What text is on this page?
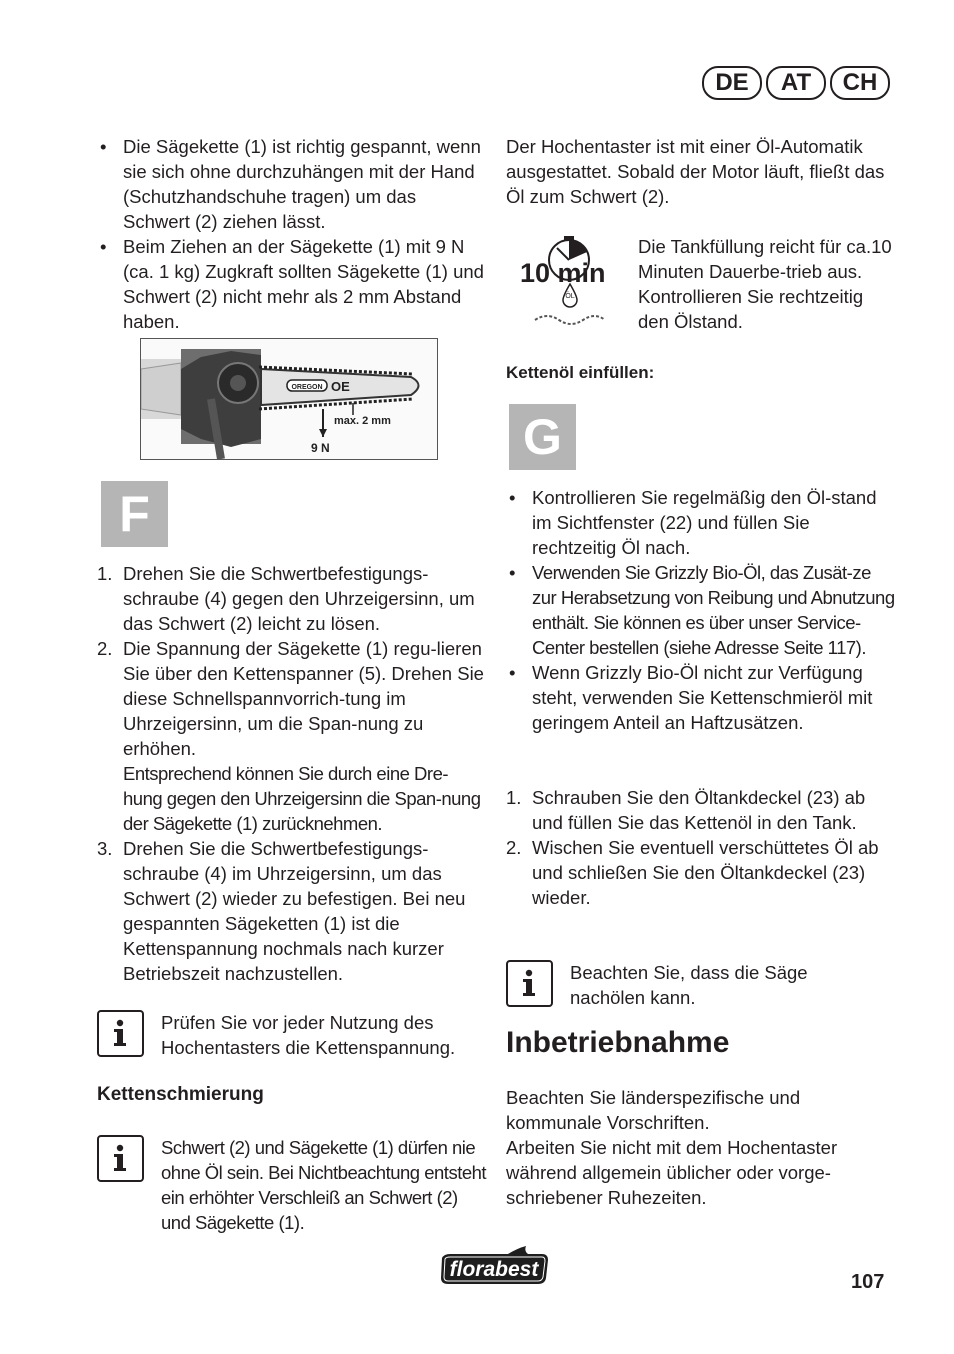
DE	AT	CH
• Die Sägekette (1) ist richtig gespannt, wenn sie sich ohne durchzuhängen mit der Hand (Schutzhandschuhe tragen) um das Schwert (2) ziehen lässt.
• Beim Ziehen an der Sägekette (1) mit 9 N (ca. 1 kg) Zugkraft sollten Sägekette (1) und Schwert (2) nicht mehr als 2 mm Abstand haben.
OREGON OE
max. 2 mm
9 N
F
1. Drehen Sie die Schwertbefestigungs-schraube (4) gegen den Uhrzeigersinn, um das Schwert (2) leicht zu lösen.
2. Die Spannung der Sägekette (1) regu-lieren Sie über den Kettenspanner (5). Drehen Sie diese Schnellspannvorrich-tung im Uhrzeigersinn, um die Span-nung zu erhöhen.
Entsprechend können Sie durch eine Dre-hung gegen den Uhrzeigersinn die Span-nung der Sägekette (1) zurücknehmen.
3. Drehen Sie die Schwertbefestigungs-schraube (4) im Uhrzeigersinn, um das Schwert (2) wieder zu befestigen. Bei neu gespannten Sägeketten (1) ist die Kettenspannung nochmals nach kurzer Betriebszeit nachzustellen.
Prüfen Sie vor jeder Nutzung des Hochentasters die Kettenspannung.
Kettenschmierung
Schwert (2) und Sägekette (1) dürfen nie ohne Öl sein. Bei Nichtbeachtung entsteht ein erhöhter Verschleiß an Schwert (2) und Sägekette (1).
Der Hochentaster ist mit einer Öl-Automatik ausgestattet. Sobald der Motor läuft, fließt das Öl zum Schwert (2).
10 min
ÖL
Die Tankfüllung reicht für ca.10 Minuten Dauerbe-trieb aus. Kontrollieren Sie rechtzeitig den Ölstand.
Kettenöl einfüllen:
G
• Kontrollieren Sie regelmäßig den Öl-stand im Sichtfenster (22) und füllen Sie rechtzeitig Öl nach.
• Verwenden Sie Grizzly Bio-Öl, das Zusät-ze zur Herabsetzung von Reibung und Abnutzung enthält. Sie können es über unser Service-Center bestellen (siehe Adresse Seite 117).
• Wenn Grizzly Bio-Öl nicht zur Verfügung steht, verwenden Sie Kettenschmieröl mit geringem Anteil an Haftzusätzen.
1. Schrauben Sie den Öltankdeckel (23) ab und füllen Sie das Kettenöl in den Tank.
2. Wischen Sie eventuell verschüttetes Öl ab und schließen Sie den Öltankdeckel (23) wieder.
Beachten Sie, dass die Säge nachölen kann.
Inbetriebnahme
Beachten Sie länderspezifische und kommunale Vorschriften.
Arbeiten Sie nicht mit dem Hochentaster während allgemein üblicher oder vorge-schriebener Ruhezeiten.
florabest
107
